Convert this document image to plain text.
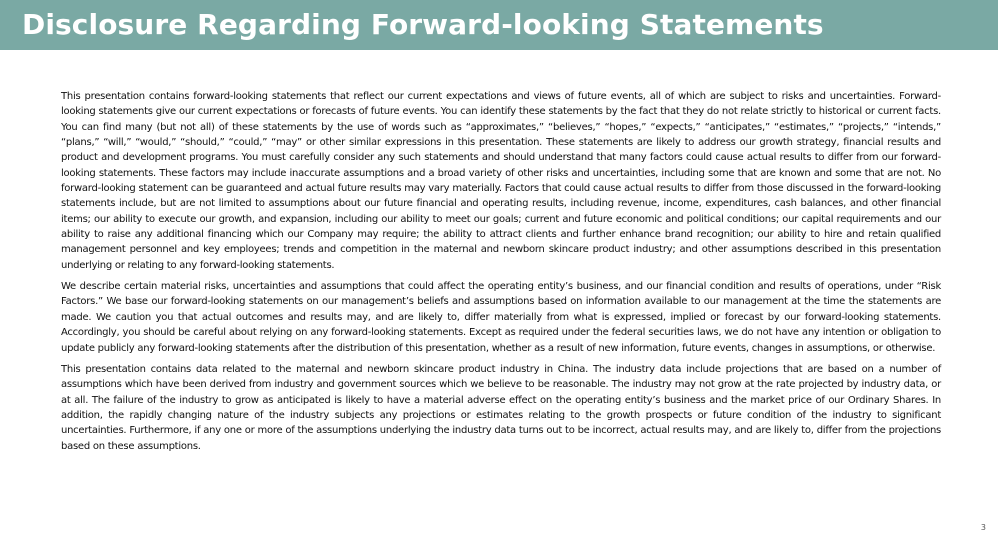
Disclosure Regarding Forward-looking Statements

This presentation contains forward-looking statements that reflect our current expectations and views of future events, all of which are subject to risks and uncertainties. Forward-looking statements give our current expectations or forecasts of future events. You can identify these statements by the fact that they do not relate strictly to historical or current facts. You can find many (but not all) of these statements by the use of words such as “approximates,” “believes,” “hopes,” “expects,” “anticipates,” “estimates,” “projects,” “intends,” “plans,” “will,” “would,” “should,” “could,” “may” or other similar expressions in this presentation. These statements are likely to address our growth strategy, financial results and product and development programs. You must carefully consider any such statements and should understand that many factors could cause actual results to differ from our forward-looking statements. These factors may include inaccurate assumptions and a broad variety of other risks and uncertainties, including some that are known and some that are not. No forward-looking statement can be guaranteed and actual future results may vary materially. Factors that could cause actual results to differ from those discussed in the forward-looking statements include, but are not limited to assumptions about our future financial and operating results, including revenue, income, expenditures, cash balances, and other financial items; our ability to execute our growth, and expansion, including our ability to meet our goals; current and future economic and political conditions; our capital requirements and our ability to raise any additional financing which our Company may require; the ability to attract clients and further enhance brand recognition; our ability to hire and retain qualified management personnel and key employees; trends and competition in the maternal and newborn skincare product industry; and other assumptions described in this presentation underlying or relating to any forward-looking statements.

We describe certain material risks, uncertainties and assumptions that could affect the operating entity’s business, and our financial condition and results of operations, under “Risk Factors.” We base our forward-looking statements on our management’s beliefs and assumptions based on information available to our management at the time the statements are made. We caution you that actual outcomes and results may, and are likely to, differ materially from what is expressed, implied or forecast by our forward-looking statements. Accordingly, you should be careful about relying on any forward-looking statements. Except as required under the federal securities laws, we do not have any intention or obligation to update publicly any forward-looking statements after the distribution of this presentation, whether as a result of new information, future events, changes in assumptions, or otherwise.

This presentation contains data related to the maternal and newborn skincare product industry in China. The industry data include projections that are based on a number of assumptions which have been derived from industry and government sources which we believe to be reasonable. The industry may not grow at the rate projected by industry data, or at all. The failure of the industry to grow as anticipated is likely to have a material adverse effect on the operating entity’s business and the market price of our Ordinary Shares. In addition, the rapidly changing nature of the industry subjects any projections or estimates relating to the growth prospects or future condition of the industry to significant uncertainties. Furthermore, if any one or more of the assumptions underlying the industry data turns out to be incorrect, actual results may, and are likely to, differ from the projections based on these assumptions.

3
